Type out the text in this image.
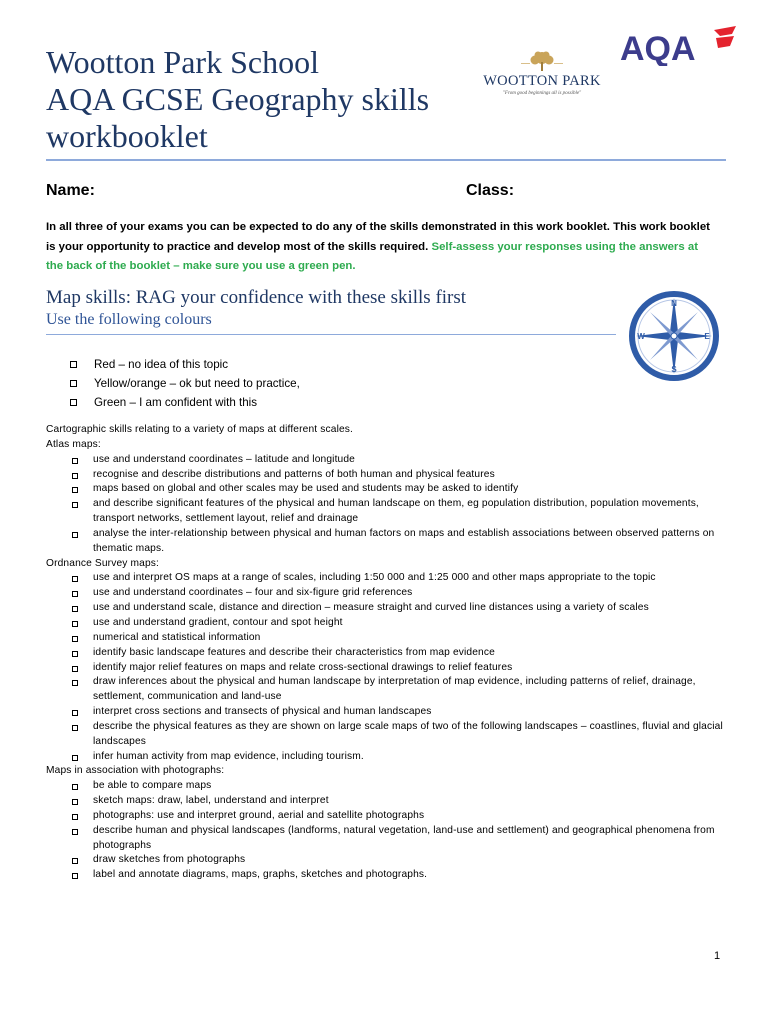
Wootton Park School
AQA GCSE Geography skills
workbooklet
WOOTTON PARK
"From good beginnings all is possible"
AQA
Name:	Class:

In all three of your exams you can be expected to do any of the skills demonstrated in this work booklet. This work booklet is your opportunity to practice and develop most of the skills required. Self-assess your responses using the answers at the back of the booklet – make sure you use a green pen.

Map skills: RAG your confidence with these skills first
Use the following colours
N
E
S
W
Red – no idea of this topic
Yellow/orange – ok but need to practice,
Green – I am confident with this
Cartographic skills relating to a variety of maps at different scales.
Atlas maps:
use and understand coordinates – latitude and longitude
recognise and describe distributions and patterns of both human and physical features
maps based on global and other scales may be used and students may be asked to identify
and describe significant features of the physical and human landscape on them, eg population distribution, population movements, transport networks, settlement layout, relief and drainage
analyse the inter-relationship between physical and human factors on maps and establish associations between observed patterns on thematic maps.
Ordnance Survey maps:
use and interpret OS maps at a range of scales, including 1:50 000 and 1:25 000 and other maps appropriate to the topic
use and understand coordinates – four and six-figure grid references
use and understand scale, distance and direction – measure straight and curved line distances using a variety of scales
use and understand gradient, contour and spot height
numerical and statistical information
identify basic landscape features and describe their characteristics from map evidence
identify major relief features on maps and relate cross-sectional drawings to relief features
draw inferences about the physical and human landscape by interpretation of map evidence, including patterns of relief, drainage, settlement, communication and land-use
interpret cross sections and transects of physical and human landscapes
describe the physical features as they are shown on large scale maps of two of the following landscapes – coastlines, fluvial and glacial landscapes
infer human activity from map evidence, including tourism.
Maps in association with photographs:
be able to compare maps
sketch maps: draw, label, understand and interpret
photographs: use and interpret ground, aerial and satellite photographs
describe human and physical landscapes (landforms, natural vegetation, land-use and settlement) and geographical phenomena from photographs
draw sketches from photographs
label and annotate diagrams, maps, graphs, sketches and photographs.
1
